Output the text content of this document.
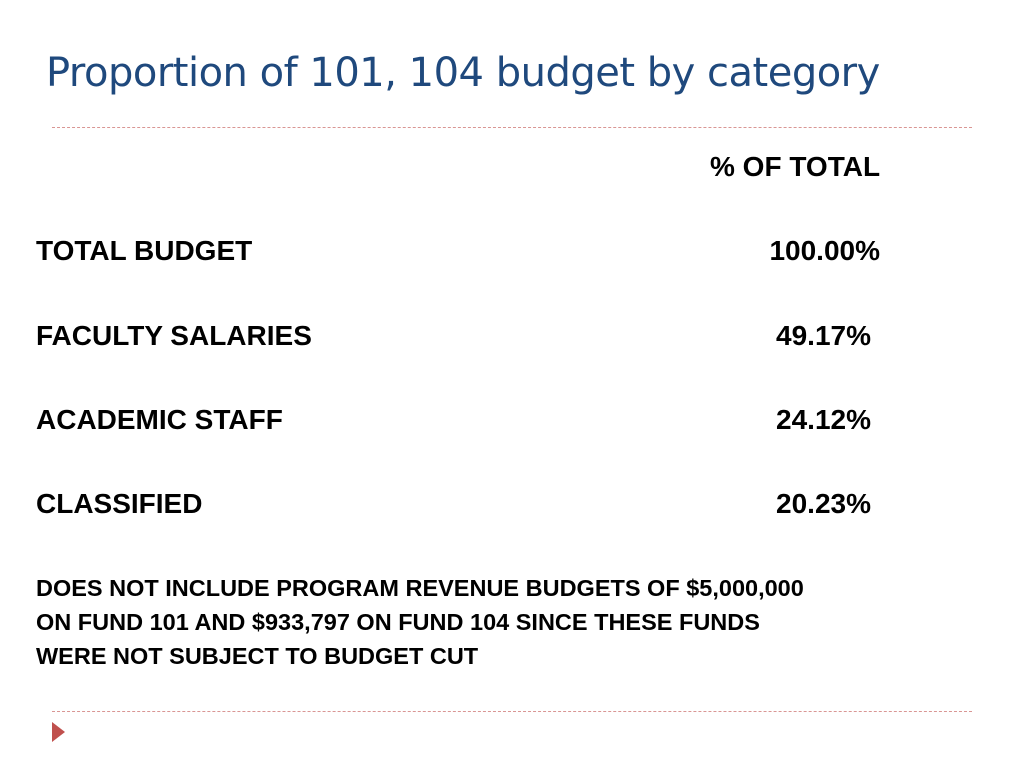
Proportion of 101, 104 budget by category
% OF TOTAL
TOTAL BUDGET	100.00%
FACULTY SALARIES	49.17%
ACADEMIC STAFF	24.12%
CLASSIFIED	20.23%
DOES NOT INCLUDE PROGRAM REVENUE BUDGETS OF $5,000,000
ON FUND 101 AND $933,797 ON FUND 104 SINCE THESE FUNDS
WERE NOT SUBJECT TO BUDGET CUT
